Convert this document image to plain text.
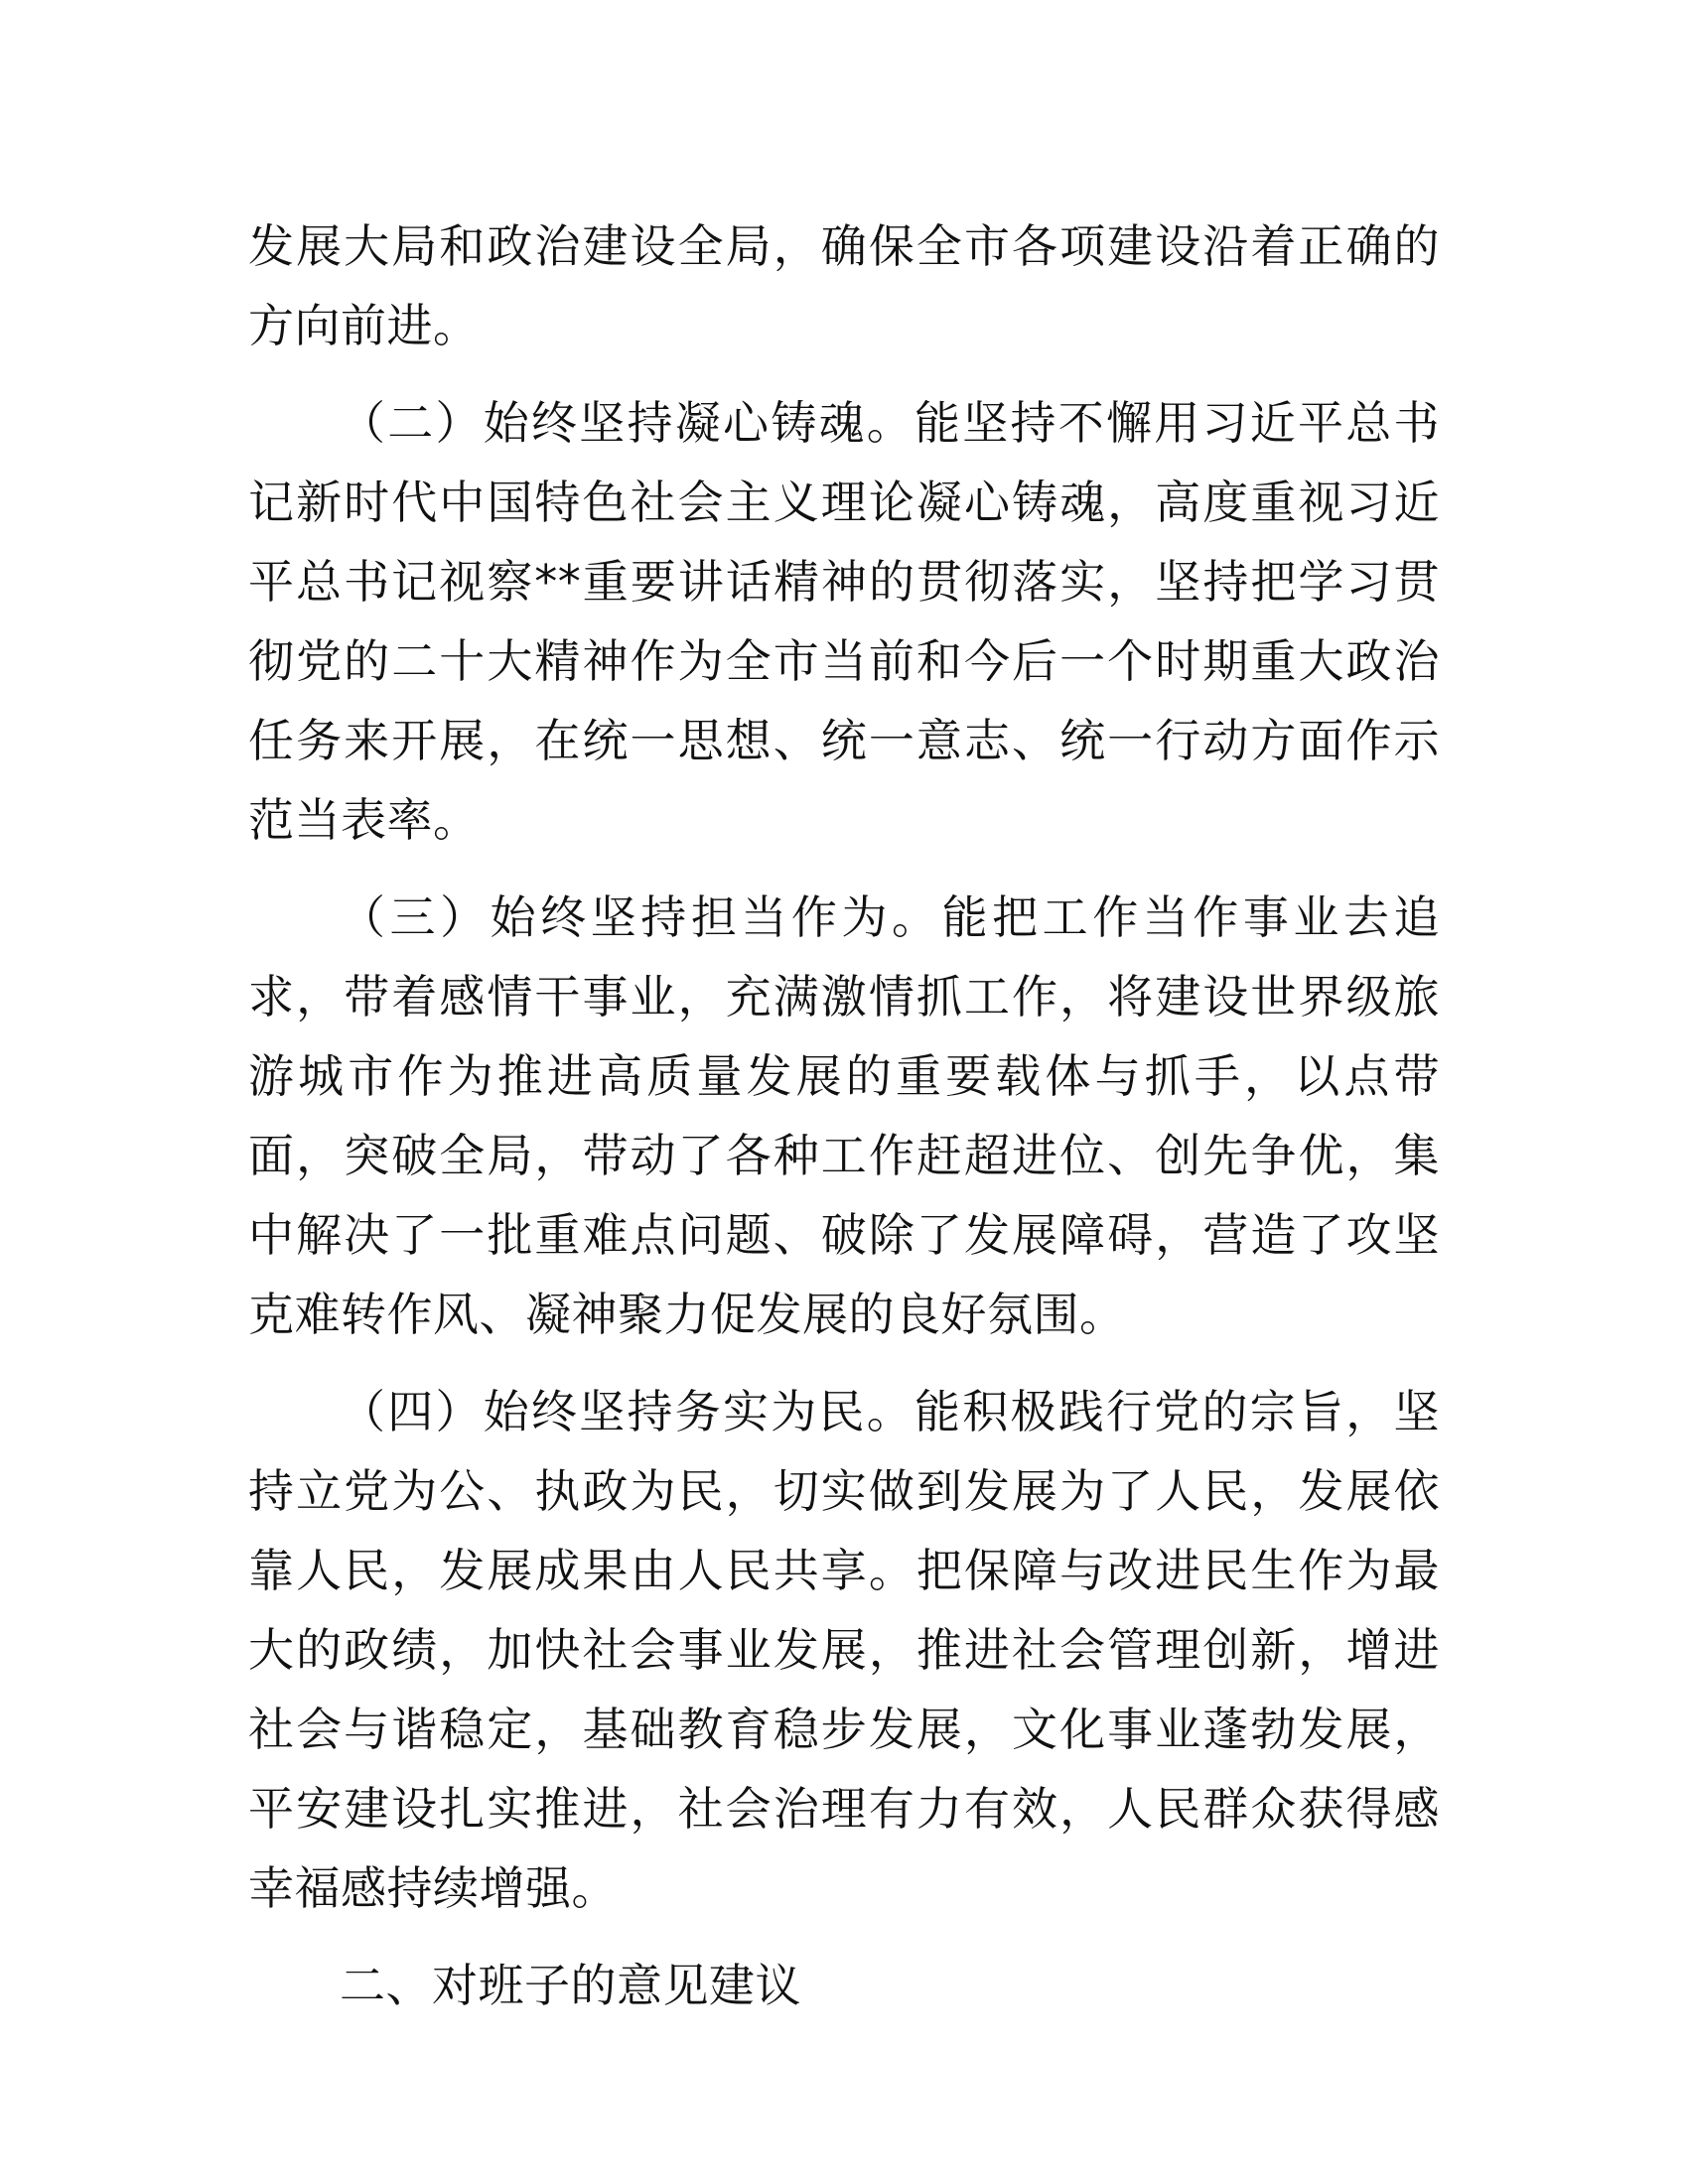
发展大局和政治建设全局，确保全市各项建设沿着正确的方向前进。

（二）始终坚持凝心铸魂。能坚持不懈用习近平总书记新时代中国特色社会主义理论凝心铸魂，高度重视习近平总书记视察**重要讲话精神的贯彻落实，坚持把学习贯彻党的二十大精神作为全市当前和今后一个时期重大政治任务来开展，在统一思想、统一意志、统一行动方面作示范当表率。

（三）始终坚持担当作为。能把工作当作事业去追求，带着感情干事业，充满激情抓工作，将建设世界级旅游城市作为推进高质量发展的重要载体与抓手，以点带面，突破全局，带动了各种工作赶超进位、创先争优，集中解决了一批重难点问题、破除了发展障碍，营造了攻坚克难转作风、凝神聚力促发展的良好氛围。

（四）始终坚持务实为民。能积极践行党的宗旨，坚持立党为公、执政为民，切实做到发展为了人民，发展依靠人民，发展成果由人民共享。把保障与改进民生作为最大的政绩，加快社会事业发展，推进社会管理创新，增进社会与谐稳定，基础教育稳步发展，文化事业蓬勃发展，平安建设扎实推进，社会治理有力有效，人民群众获得感幸福感持续增强。

二、对班子的意见建议
